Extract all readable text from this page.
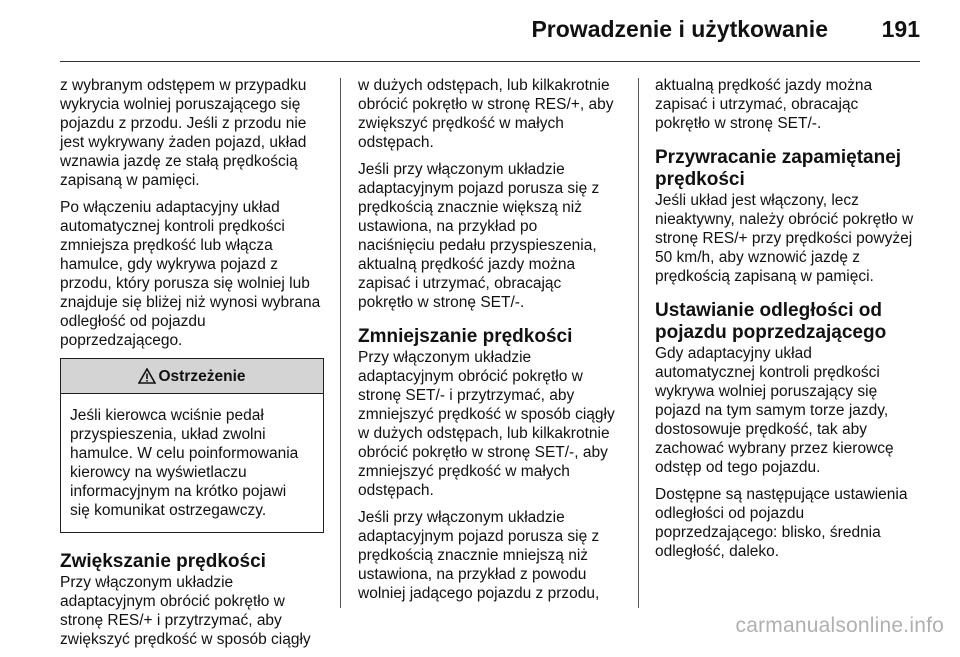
Prowadzenie i użytkowanie 191

z wybranym odstępem w przypadku
wykrycia wolniej poruszającego się
pojazdu z przodu. Jeśli z przodu nie
jest wykrywany żaden pojazd, układ
wznawia jazdę ze stałą prędkością
zapisaną w pamięci.

Po włączeniu adaptacyjny układ
automatycznej kontroli prędkości
zmniejsza prędkość lub włącza
hamulce, gdy wykrywa pojazd z
przodu, który porusza się wolniej lub
znajduje się bliżej niż wynosi wybrana
odległość od pojazdu
poprzedzającego.

Ostrzeżenie
Jeśli kierowca wciśnie pedał
przyspieszenia, układ zwolni
hamulce. W celu poinformowania
kierowcy na wyświetlaczu
informacyjnym na krótko pojawi
się komunikat ostrzegawczy.
Zwiększanie prędkości

Przy włączonym układzie
adaptacyjnym obrócić pokrętło w
stronę RES/+ i przytrzymać, aby
zwiększyć prędkość w sposób ciągły

w dużych odstępach, lub kilkakrotnie
obrócić pokrętło w stronę RES/+, aby
zwiększyć prędkość w małych
odstępach.

Jeśli przy włączonym układzie
adaptacyjnym pojazd porusza się z
prędkością znacznie większą niż
ustawiona, na przykład po
naciśnięciu pedału przyspieszenia,
aktualną prędkość jazdy można
zapisać i utrzymać, obracając
pokrętło w stronę SET/-.

Zmniejszanie prędkości

Przy włączonym układzie
adaptacyjnym obrócić pokrętło w
stronę SET/- i przytrzymać, aby
zmniejszyć prędkość w sposób ciągły
w dużych odstępach, lub kilkakrotnie
obrócić pokrętło w stronę SET/-, aby
zmniejszyć prędkość w małych
odstępach.

Jeśli przy włączonym układzie
adaptacyjnym pojazd porusza się z
prędkością znacznie mniejszą niż
ustawiona, na przykład z powodu
wolniej jadącego pojazdu z przodu,

aktualną prędkość jazdy można
zapisać i utrzymać, obracając
pokrętło w stronę SET/-.

Przywracanie zapamiętanej
prędkości

Jeśli układ jest włączony, lecz
nieaktywny, należy obrócić pokrętło w
stronę RES/+ przy prędkości powyżej
50 km/h, aby wznowić jazdę z
prędkością zapisaną w pamięci.

Ustawianie odległości od
pojazdu poprzedzającego

Gdy adaptacyjny układ
automatycznej kontroli prędkości
wykrywa wolniej poruszający się
pojazd na tym samym torze jazdy,
dostosowuje prędkość, tak aby
zachować wybrany przez kierowcę
odstęp od tego pojazdu.

Dostępne są następujące ustawienia
odległości od pojazdu
poprzedzającego: blisko, średnia
odległość, daleko.

carmanualsonline.info
